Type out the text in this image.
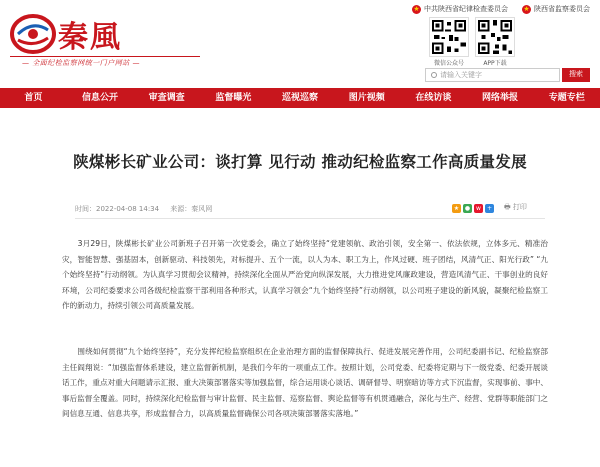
秦風
— 全面纪检监察网统一门户网站 —
★ 中共陕西省纪律检查委员会 ★ 陕西省监察委员会
微信公众号	APP下载
请输入关键字	搜索
首页	信息公开	审查调查	监督曝光	巡视巡察	图片视频	在线访谈	网络举报	专题专栏
陕煤彬长矿业公司：谈打算 见行动 推动纪检监察工作高质量发展
时间：2022-04-08 14:34 来源：秦风网	★ ● w	+ 🖶 打印

　　3月29日，陕煤彬长矿业公司新班子召开第一次党委会，确立了始终坚持“党建领航、政治引领，安全第一、依法依规，立体多元、精准治灾，智能智慧、强基固本，创新驱动、科技领先，对标提升、五个一流，以人为本、职工为上，作风过硬、班子团结，风清气正、阳光行政” “九个始终坚持”行动纲领。为认真学习贯彻会议精神，持续深化全面从严治党向纵深发展，大力推进党风廉政建设，营造风清气正、干事创业的良好环境，公司纪委要求公司各级纪检监察干部利用各种形式，认真学习领会“九个始终坚持”行动纲领，以公司班子建设的新风貌，凝聚纪检监察工作的新动力，持续引领公司高质量发展。

　　围绕如何贯彻“九个始终坚持”，充分发挥纪检监察组织在企业治理方面的监督保障执行、促进发展完善作用，公司纪委副书记、纪检监察部主任阎翔说：“加强监督体系建设，建立监督新机制，是我们今年的一项重点工作。按照计划，公司党委、纪委将定期与下一级党委、纪委开展谈话工作，重点对重大问题请示汇报、重大决策部署落实等加强监督，综合运用谈心谈话、调研督导、明察暗访等方式下沉监督，实现事前、事中、事后监督全覆盖。同时，持续深化纪检监督与审计监督、民主监督、巡察监督、舆论监督等有机贯通融合，深化与生产、经营、党群等职能部门之间信息互通、信息共享，形成监督合力，以高质量监督确保公司各项决策部署落实落地。”
